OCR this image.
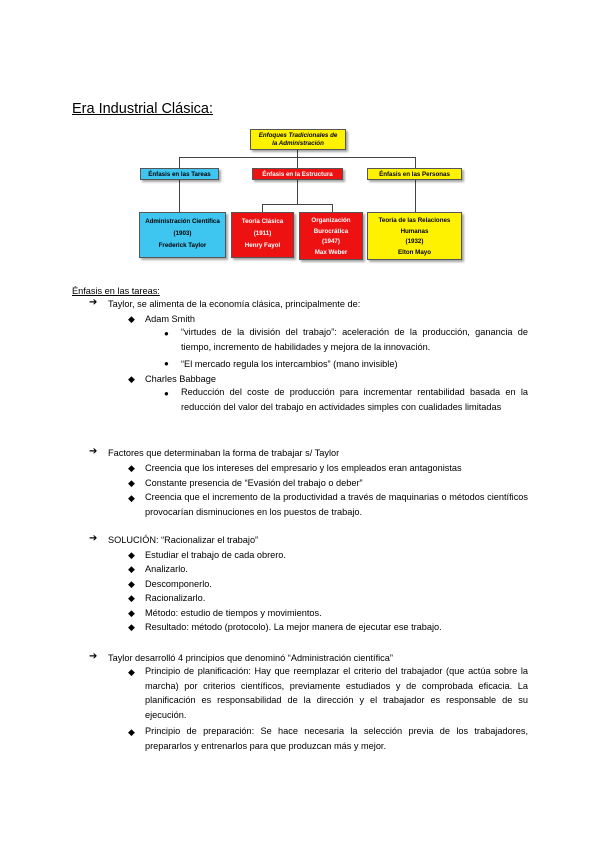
Era Industrial Clásica:
Enfoques Tradicionales de
la Administración
Énfasis en las Tareas	Énfasis en la Estructura	Énfasis en las Personas
Administración Científica
(1903)
Frederick Taylor
Teoría Clásica
(1911)
Henry Fayol
Organización
Burocrática
(1947)
Max Weber
Teoría de las Relaciones
Humanas
(1932)
Elton Mayo
Énfasis en las tareas:
➔ Taylor, se alimenta de la economía clásica, principalmente de:
◆ Adam Smith
● “virtudes de la división del trabajo”: aceleración de la producción, ganancia de tiempo, incremento de habilidades y mejora de la innovación.
● “El mercado regula los intercambios” (mano invisible)
◆ Charles Babbage
● Reducción del coste de producción para incrementar rentabilidad basada en la reducción del valor del trabajo en actividades simples con cualidades limitadas
➔ Factores que determinaban la forma de trabajar s/ Taylor
◆ Creencia que los intereses del empresario y los empleados eran antagonistas
◆ Constante presencia de “Evasión del trabajo o deber”
◆ Creencia que el incremento de la productividad a través de maquinarias o métodos científicos provocarían disminuciones en los puestos de trabajo.
➔ SOLUCIÓN: “Racionalizar el trabajo”
◆ Estudiar el trabajo de cada obrero.
◆ Analizarlo.
◆ Descomponerlo.
◆ Racionalizarlo.
◆ Método: estudio de tiempos y movimientos.
◆ Resultado: método (protocolo). La mejor manera de ejecutar ese trabajo.
➔ Taylor desarrolló 4 principios que denominó “Administración científica”
◆ Principio de planificación: Hay que reemplazar el criterio del trabajador (que actúa sobre la marcha) por criterios científicos, previamente estudiados y de comprobada eficacia. La planificación es responsabilidad de la dirección y el trabajador es responsable de su ejecución.
◆ Principio de preparación: Se hace necesaria la selección previa de los trabajadores, prepararlos y entrenarlos para que produzcan más y mejor.
